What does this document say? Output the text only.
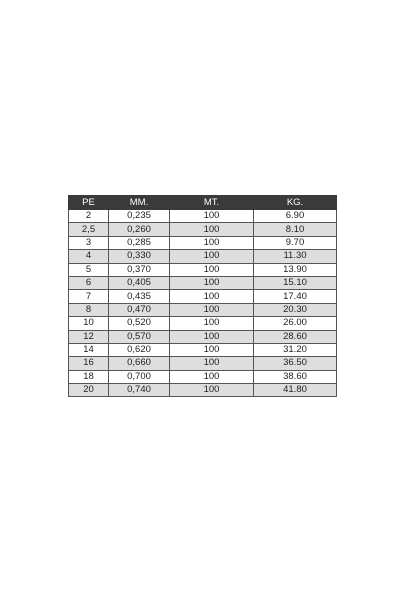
PE	MM.	MT.	KG.
2	0,235	100	6.90
2,5	0,260	100	8.10
3	0,285	100	9.70
4	0,330	100	11.30
5	0,370	100	13.90
6	0,405	100	15.10
7	0,435	100	17.40
8	0,470	100	20.30
10	0,520	100	26.00
12	0,570	100	28.60
14	0,620	100	31.20
16	0,660	100	36.50
18	0,700	100	38.60
20	0,740	100	41.80
